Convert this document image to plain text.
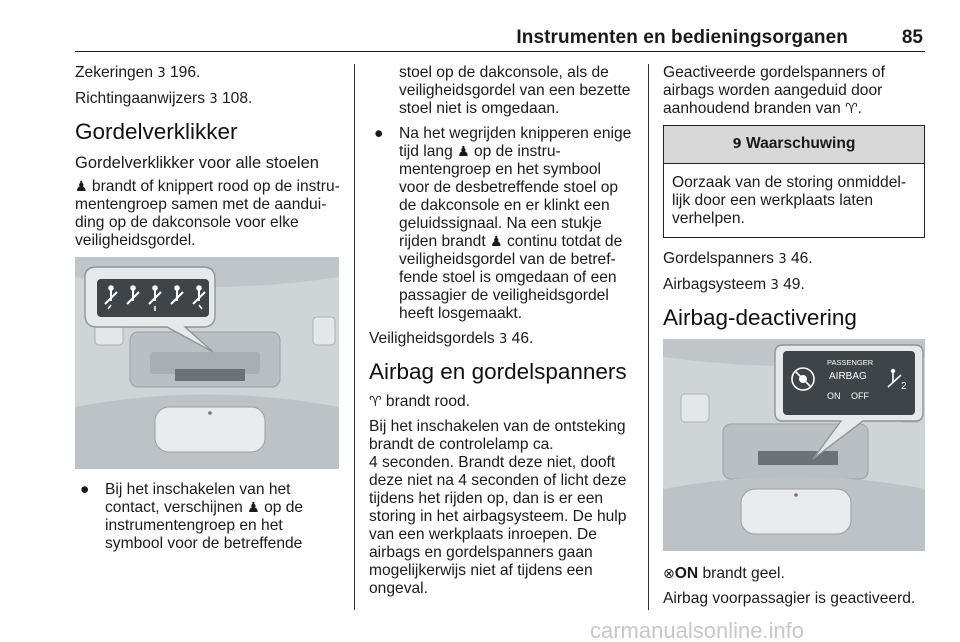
Instrumenten en bedieningsorganen	85

Zekeringen 3 196.

Richtingaanwijzers 3 108.

Gordelverklikker
Gordelverklikker voor alle stoelen

♟ brandt of knippert rood op de instru-mentengroep samen met de aandui-ding op de dakconsole voor elke veiligheidsgordel.

● Bij het inschakelen van het contact, verschijnen ♟ op de instrumentengroep en het symbool voor de betreffende
stoel op de dakconsole, als de veiligheidsgordel van een bezette stoel niet is omgedaan.
● Na het wegrijden knipperen enige tijd lang ♟ op de instru-mentengroep en het symbool voor de desbetreffende stoel op de dakconsole en er klinkt een geluidssignaal. Na een stukje rijden brandt ♟ continu totdat de veiligheidsgordel van de betref-fende stoel is omgedaan of een passagier de veiligheidsgordel heeft losgemaakt.

Veiligheidsgordels 3 46.

Airbag en gordelspanners

♈ brandt rood.

Bij het inschakelen van de ontsteking brandt de controlelamp ca.

4 seconden. Brandt deze niet, dooft deze niet na 4 seconden of licht deze tijdens het rijden op, dan is er een storing in het airbagsysteem. De hulp van een werkplaats inroepen. De airbags en gordelspanners gaan mogelijkerwijs niet af tijdens een ongeval.

Geactiveerde gordelspanners of airbags worden aangeduid door aanhoudend branden van ♈.

9 Waarschuwing
Oorzaak van de storing onmiddel-lijk door een werkplaats laten verhelpen.

Gordelspanners 3 46.

Airbagsysteem 3 49.

Airbag-deactivering
PASSENGER
AIRBAG
ON OFF
2

⊗ON brandt geel.

Airbag voorpassagier is geactiveerd.

carmanualsonline.info
